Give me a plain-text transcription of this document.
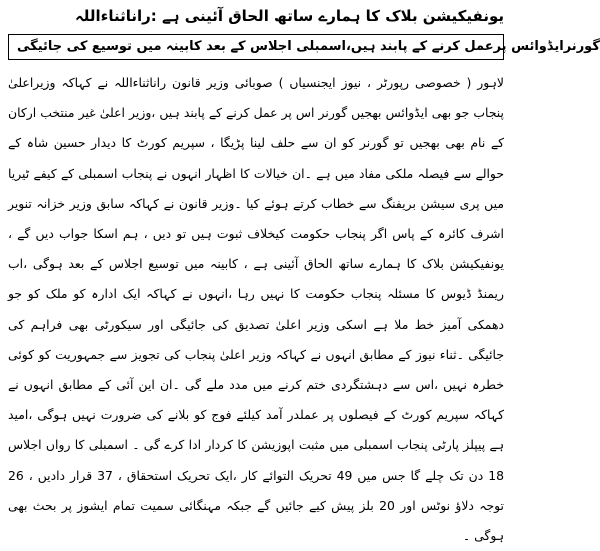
یونفیکیشن بلاک کا ہمارے ساتھ الحاق آئینی ہے :راناثناءاللہ
گورنرایڈوائس پرعمل کرنے کے پابند ہیں،اسمبلی اجلاس کے بعد کابینہ میں توسیع کی جائیگی
لاہور ( خصوصی رپورٹر ، نیوز ایجنسیاں ) صوبائی وزیر قانون راناثناءاللہ نے کہاکہ وزیراعلیٰ پنجاب جو بھی ایڈوائس بھجیں گورنر اس پر عمل کرنے کے پابند ہیں ،وزیر اعلیٰ غیر منتخب ارکان کے نام بھی بھجیں تو گورنر کو ان سے حلف لینا پڑیگا ، سپریم کورٹ کا دیدار حسین شاہ کے حوالے سے فیصلہ ملکی مفاد میں ہے ۔ان خیالات کا اظہار انہوں نے پنجاب اسمبلی کے کیفے ٹیریا میں پری سیشن بریفنگ سے خطاب کرتے ہوئے کیا ۔وزیر قانون نے کہاکہ سابق وزیر خزانہ تنویر اشرف کائرہ کے پاس اگر پنجاب حکومت کیخلاف ثبوت ہیں تو دیں ، ہم اسکا جواب دیں گے ، یونفیکیشن بلاک کا ہمارے ساتھ الحاق آئینی ہے ، کابینہ میں توسیع اجلاس کے بعد ہوگی ،اب ریمنڈ ڈیوس کا مسئلہ پنجاب حکومت کا نہیں رہا ،انہوں نے کہاکہ ایک ادارہ کو ملک کو جو دھمکی آمیز خط ملا ہے اسکی وزیر اعلیٰ تصدیق کی جائیگی اور سیکورٹی بھی فراہم کی جائیگی ۔ثناء نیوز کے مطابق انہوں نے کہاکہ وزیر اعلیٰ پنجاب کی تجویز سے جمہوریت کو کوئی خطرہ نہیں ،اس سے دہشتگردی ختم کرنے میں مدد ملے گی ۔ان این آئی کے مطابق انہوں نے کہاکہ سپریم کورٹ کے فیصلوں پر عملدر آمد کیلئے فوج کو بلانے کی ضرورت نہیں ہوگی ،امید ہے پیپلز پارٹی پنجاب اسمبلی میں مثبت اپوزیشن کا کردار ادا کرے گی ۔ اسمبلی کا رواں اجلاس 18 دن تک چلے گا جس میں 49 تحریک التوائے کار ،ایک تحریک استحقاق ، 37 قرار دادیں ، 26 توجہ دلاؤ نوٹس اور 20 بلز پیش کیے جائیں گے جبکہ مہنگائی سمیت تمام ایشوز پر بحث بھی ہوگی ۔
